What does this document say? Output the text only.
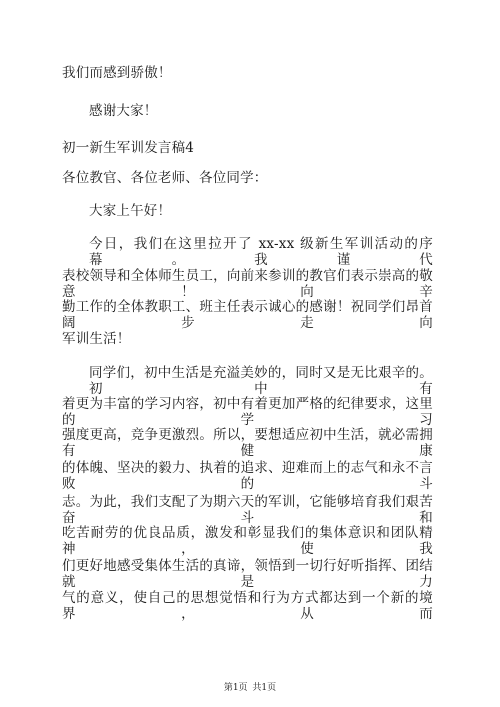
我们而感到骄傲！
感谢大家！
初一新生军训发言稿4
各位教官、各位老师、各位同学：
大家上午好！
今日，我们在这里拉开了 xx-xx 级新生军训活动的序幕。我谨代
表校领导和全体师生员工，向前来参训的教官们表示崇高的敬意！向辛
勤工作的全体教职工、班主任表示诚心的感谢！祝同学们昂首阔步走向
军训生活！
同学们，初中生活是充溢美妙的，同时又是无比艰辛的。初中有
着更为丰富的学习内容，初中有着更加严格的纪律要求，这里的学习
强度更高，竞争更激烈。所以，要想适应初中生活，就必需拥有健康
的体魄、坚决的毅力、执着的追求、迎难而上的志气和永不言败的斗
志。为此，我们支配了为期六天的军训，它能够培育我们艰苦奋斗和
吃苦耐劳的优良品质，激发和彰显我们的集体意识和团队精神，使我
们更好地感受集体生活的真谛，领悟到一切行好听指挥、团结就是力
气的意义，使自己的思想觉悟和行为方式都达到一个新的境界，从而
第1页 共1页
